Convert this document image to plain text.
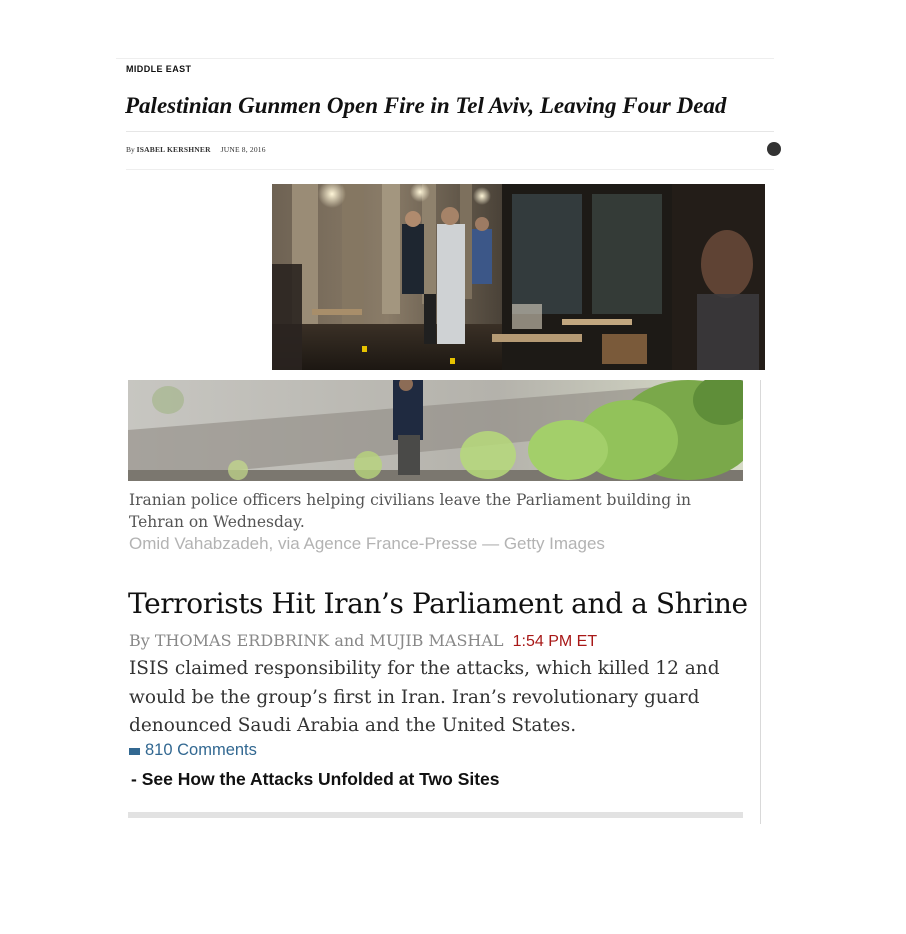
MIDDLE EAST
Palestinian Gunmen Open Fire in Tel Aviv, Leaving Four Dead
By ISABEL KERSHNER JUNE 8, 2016
Iranian police officers helping civilians leave the Parliament building in Tehran on Wednesday.
Omid Vahabzadeh, via Agence France-Presse — Getty Images
Terrorists Hit Iran’s Parliament and a Shrine
By THOMAS ERDBRINK and MUJIB MASHAL 1:54 PM ET
ISIS claimed responsibility for the attacks, which killed 12 and would be the group’s first in Iran. Iran’s revolutionary guard denounced Saudi Arabia and the United States.
810 Comments
- See How the Attacks Unfolded at Two Sites
